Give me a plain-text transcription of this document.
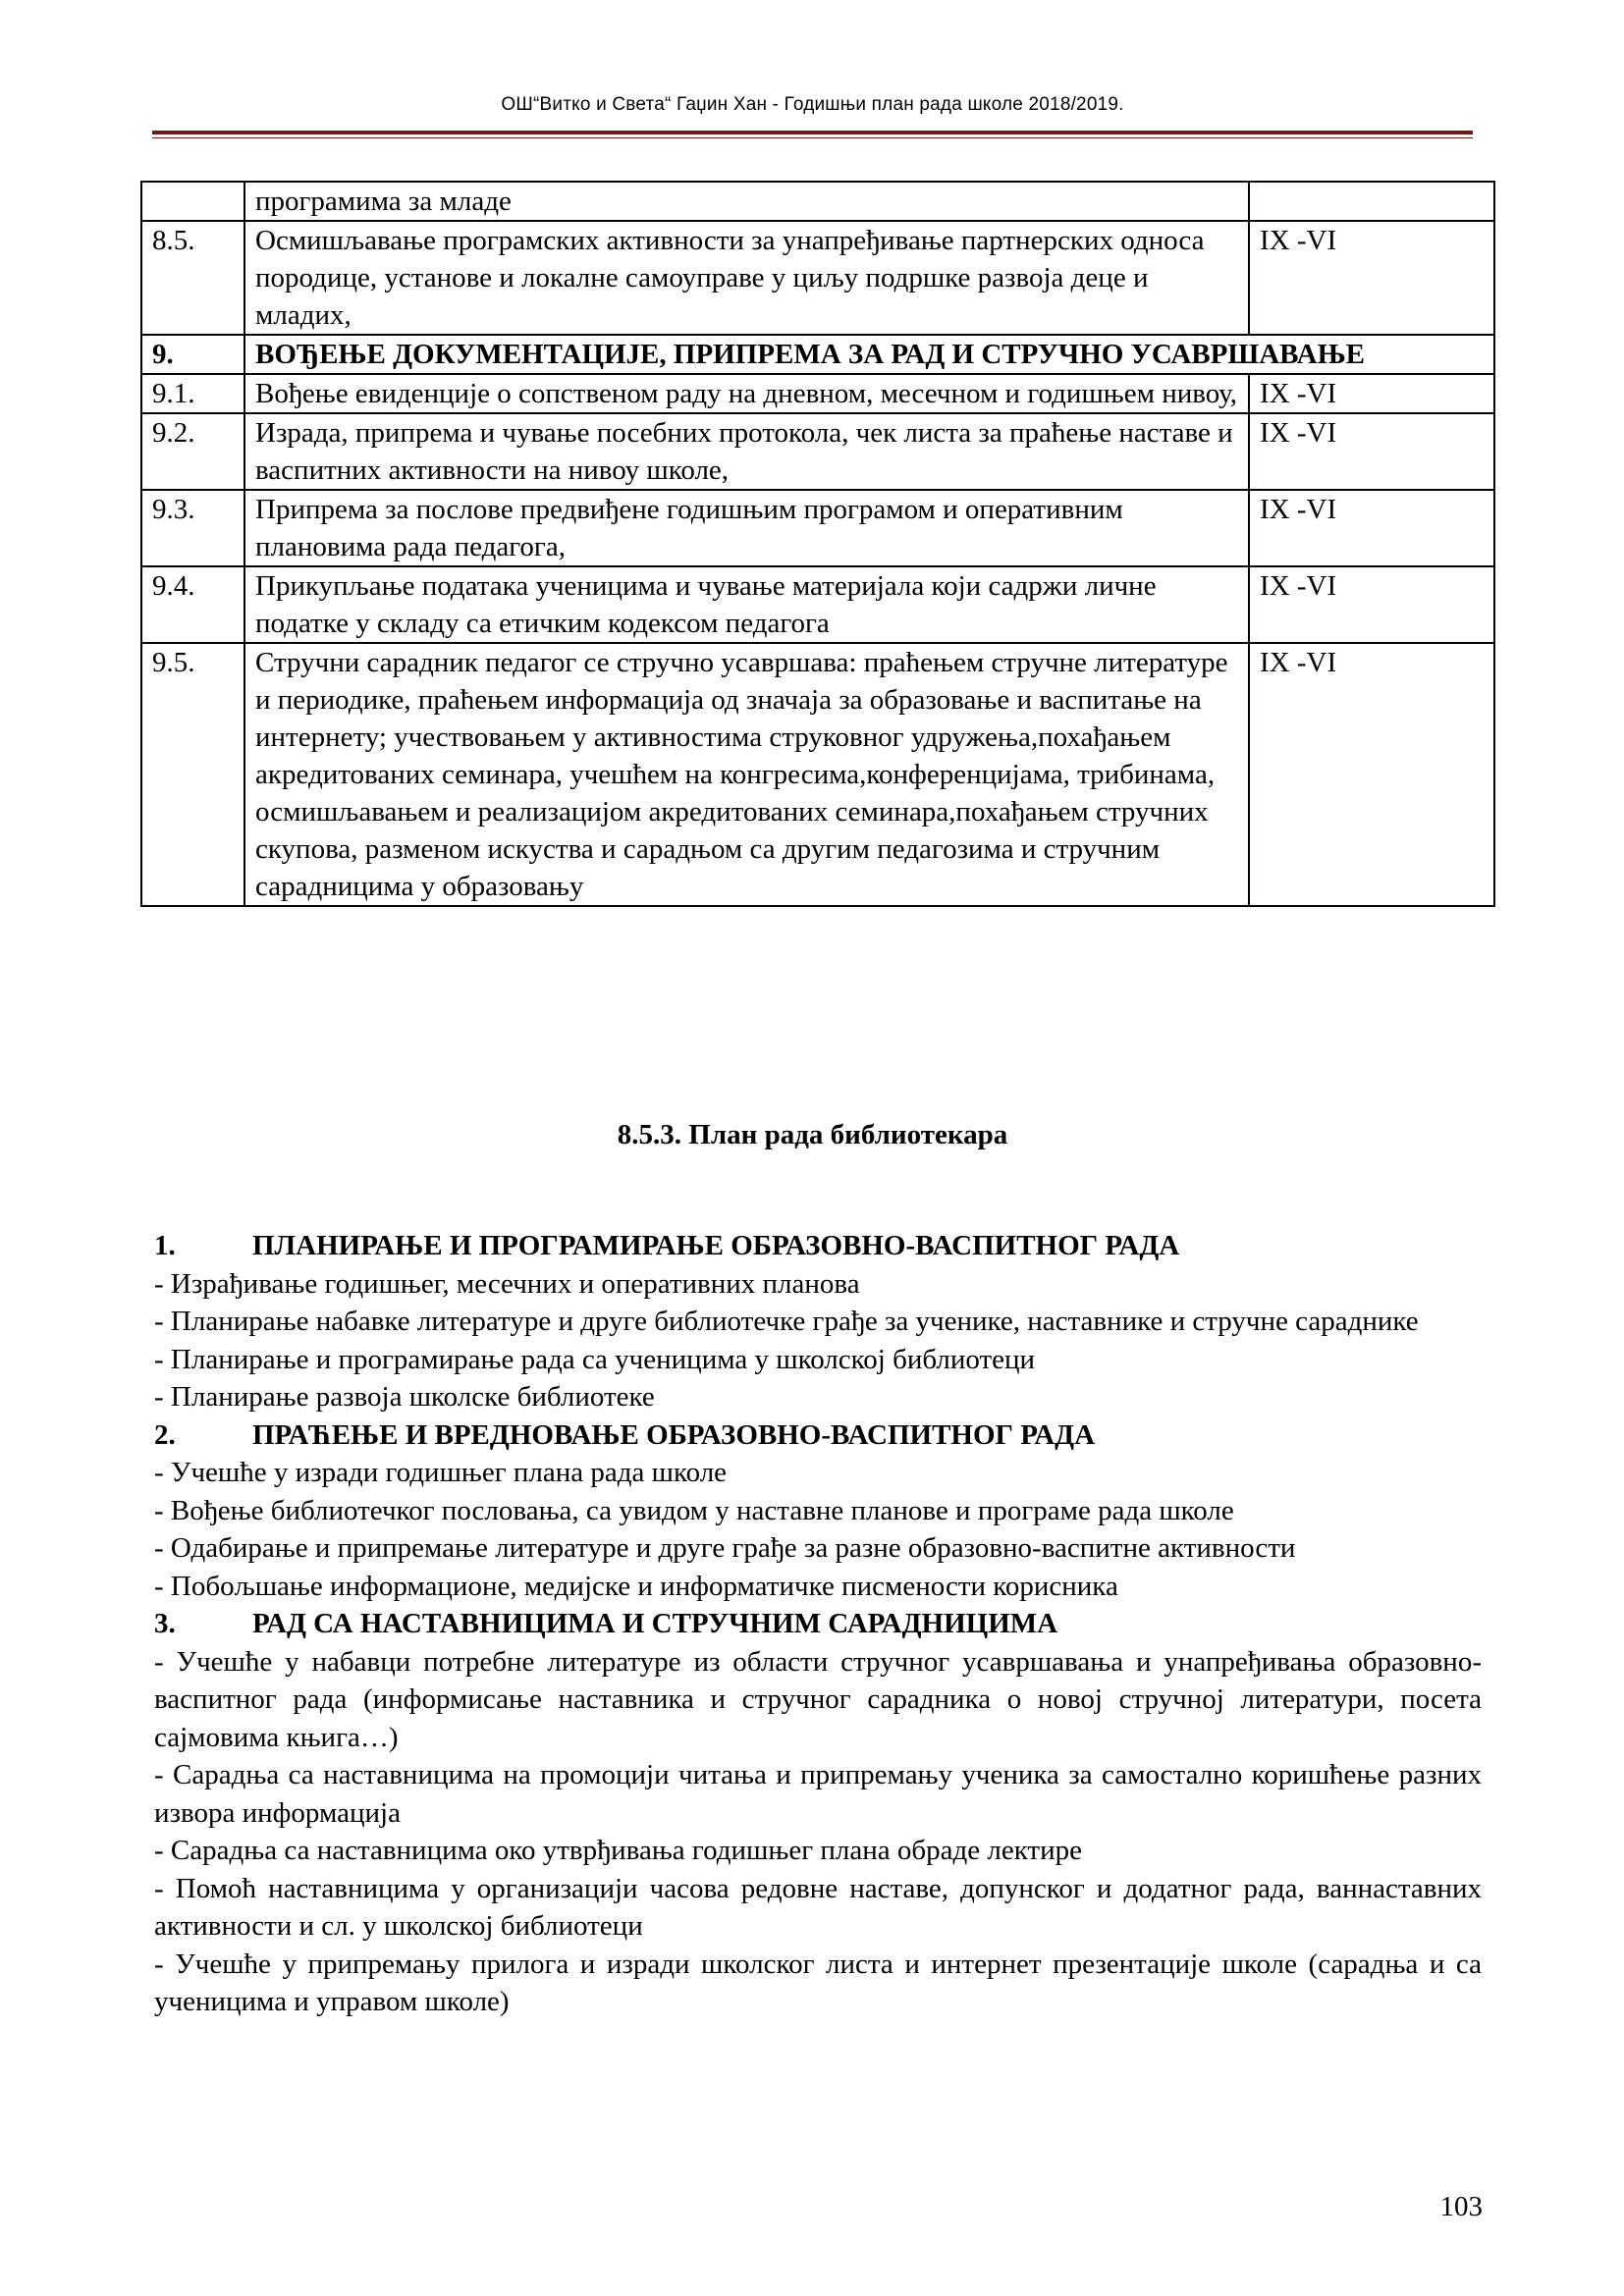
ОШ“Витко и Света“ Гаџин Хан - Годишњи план рада школе 2018/2019.
	програмима за младе	
8.5.	Осмишљавање програмских активности за унапређивање партнерских односа породице, установе и локалне самоуправе у циљу подршке развоја деце и младих,	IX -VI
9.	ВОЂЕЊЕ ДОКУМЕНТАЦИЈЕ, ПРИПРЕМА ЗА РАД И СТРУЧНО УСАВРШАВАЊЕ	
9.1.	Вођење евиденције о сопственом раду на дневном, месечном и годишњем нивоу,	IX -VI
9.2.	Израда, припрема и чување посебних протокола, чек листа за праћење наставе и васпитних активности на нивоу школе,	IX -VI
9.3.	Припрема за послове предвиђене годишњим програмом и оперативним плановима рада педагога,	IX -VI
9.4.	Прикупљање података ученицима и чување материјала који садржи личне податке у складу са етичким кодексом педагога	IX -VI
9.5.	Стручни сарадник педагог се стручно усавршава: праћењем стручне литературе и периодике, праћењем информација од значаја за образовање и васпитање на интернету; учествовањем у активностима струковног удружења,похађањем акредитованих семинара, учешћем на конгресима,конференцијама, трибинама, осмишљавањем и реализацијом акредитованих семинара,похађањем стручних скупова, разменом искуства и сарадњом са другим педагозима и стручним сарадницима у образовању	IX -VI
8.5.3. План рада библиотекара

1.	ПЛАНИРАЊЕ И ПРОГРАМИРАЊЕ ОБРАЗОВНО-ВАСПИТНОГ РАДА

- Израђивање годишњег, месечних и оперативних планова

- Планирање набавке литературе и друге библиотечке грађе за ученике, наставнике и стручне сараднике

- Планирање и програмирање рада са ученицима у школској библиотеци

- Планирање развоја школске библиотеке

2.	ПРАЋЕЊЕ И ВРЕДНОВАЊЕ ОБРАЗОВНО-ВАСПИТНОГ РАДА

- Учешће у изради годишњег плана рада школе

- Вођење библиотечког пословања, са увидом у наставне планове и програме рада школе

- Одабирање и припремање литературе и друге грађе за разне образовно-васпитне активности

- Побољшање информационе, медијске и информатичке писмености корисника

3.	РАД СА НАСТАВНИЦИМА И СТРУЧНИМ САРАДНИЦИМА

- Учешће у набавци потребне литературе из области стручног усавршавања и унапређивања образовно- васпитног рада (информисање наставника и стручног сарадника о новој стручној литератури, посета сајмовима књига…)

- Сарадња са наставницима на промоцији читања и припремању ученика за самостално коришћење разних извора информација

- Сарадња са наставницима око утврђивања годишњег плана обраде лектире

- Помоћ наставницима у организацији часова редовне наставе, допунског и додатног рада, ваннаставних активности и сл. у школској библиотеци

- Учешће у припремању прилога и изради школског листа и интернет презентације школе (сарадња и са ученицима и управом школе)

103
